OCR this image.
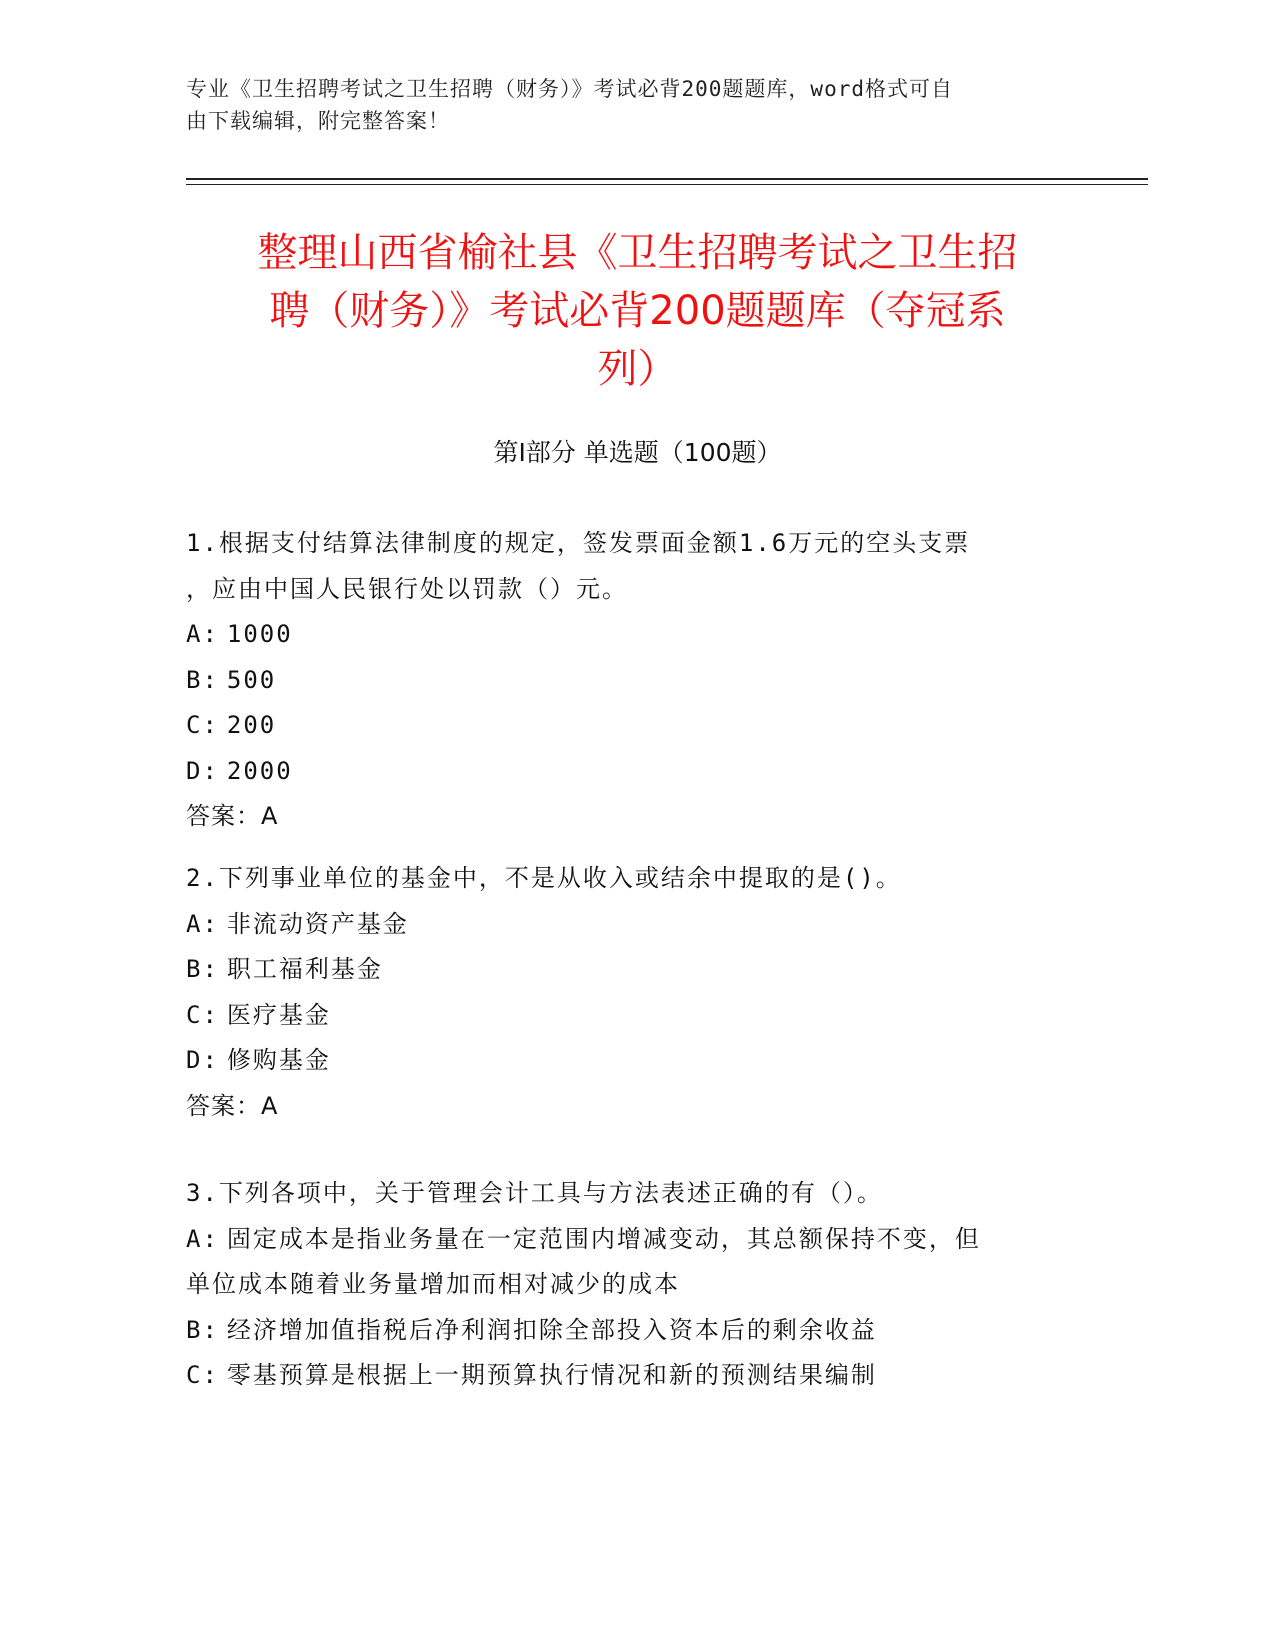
专业《卫生招聘考试之卫生招聘（财务）》考试必背200题题库，word格式可自
由下载编辑，附完整答案！
整理山西省榆社县《卫生招聘考试之卫生招
聘（财务）》考试必背200题题库（夺冠系
列）
第Ⅰ部分 单选题（100题）
1.根据支付结算法律制度的规定，签发票面金额1.6万元的空头支票
，应由中国人民银行处以罚款（）元。
A: 1000
B: 500
C: 200
D: 2000
答案：A
2.下列事业单位的基金中，不是从收入或结余中提取的是()。
A: 非流动资产基金
B: 职工福利基金
C: 医疗基金
D: 修购基金
答案：A
3.下列各项中，关于管理会计工具与方法表述正确的有（）。
A: 固定成本是指业务量在一定范围内增减变动，其总额保持不变，但
单位成本随着业务量增加而相对减少的成本
B: 经济增加值指税后净利润扣除全部投入资本后的剩余收益
C: 零基预算是根据上一期预算执行情况和新的预测结果编制
